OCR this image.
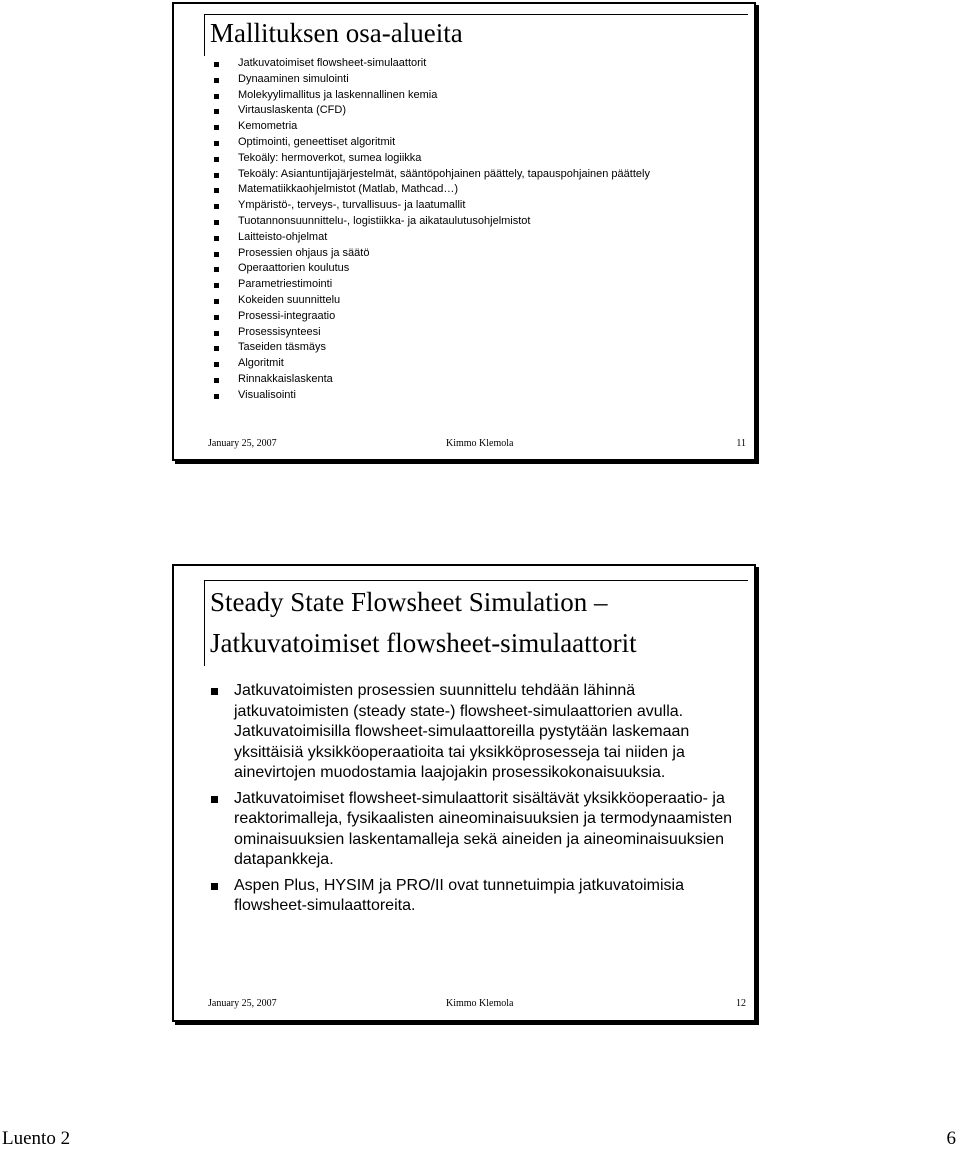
Mallituksen osa-alueita
Jatkuvatoimiset flowsheet-simulaattorit
Dynaaminen simulointi
Molekyylimallitus ja laskennallinen kemia
Virtauslaskenta (CFD)
Kemometria
Optimointi, geneettiset algoritmit
Tekoäly: hermoverkot, sumea logiikka
Tekoäly: Asiantuntijajärjestelmät, sääntöpohjainen päättely, tapauspohjainen päättely
Matematiikkaohjelmistot (Matlab, Mathcad…)
Ympäristö-, terveys-, turvallisuus- ja laatumallit
Tuotannonsuunnittelu-, logistiikka- ja aikataulutusohjelmistot
Laitteisto-ohjelmat
Prosessien ohjaus ja säätö
Operaattorien koulutus
Parametriestimointi
Kokeiden suunnittelu
Prosessi-integraatio
Prosessisynteesi
Taseiden täsmäys
Algoritmit
Rinnakkaislaskenta
Visualisointi
January 25, 2007	Kimmo Klemola	11
Steady State Flowsheet Simulation –
Jatkuvatoimiset flowsheet-simulaattorit
Jatkuvatoimisten prosessien suunnittelu tehdään lähinnä jatkuvatoimisten (steady state-) flowsheet-simulaattorien avulla. Jatkuvatoimisilla flowsheet-simulaattoreilla pystytään laskemaan yksittäisiä yksikköoperaatioita tai yksikköprosesseja tai niiden ja ainevirtojen muodostamia laajojakin prosessikokonaisuuksia.
Jatkuvatoimiset flowsheet-simulaattorit sisältävät yksikköoperaatio- ja reaktorimalleja, fysikaalisten aineominaisuuksien ja termodynaamisten ominaisuuksien laskentamalleja sekä aineiden ja aineominaisuuksien datapankkeja.
Aspen Plus, HYSIM ja PRO/II ovat tunnetuimpia jatkuvatoimisia flowsheet-simulaattoreita.
January 25, 2007	Kimmo Klemola	12
Luento 2	6
